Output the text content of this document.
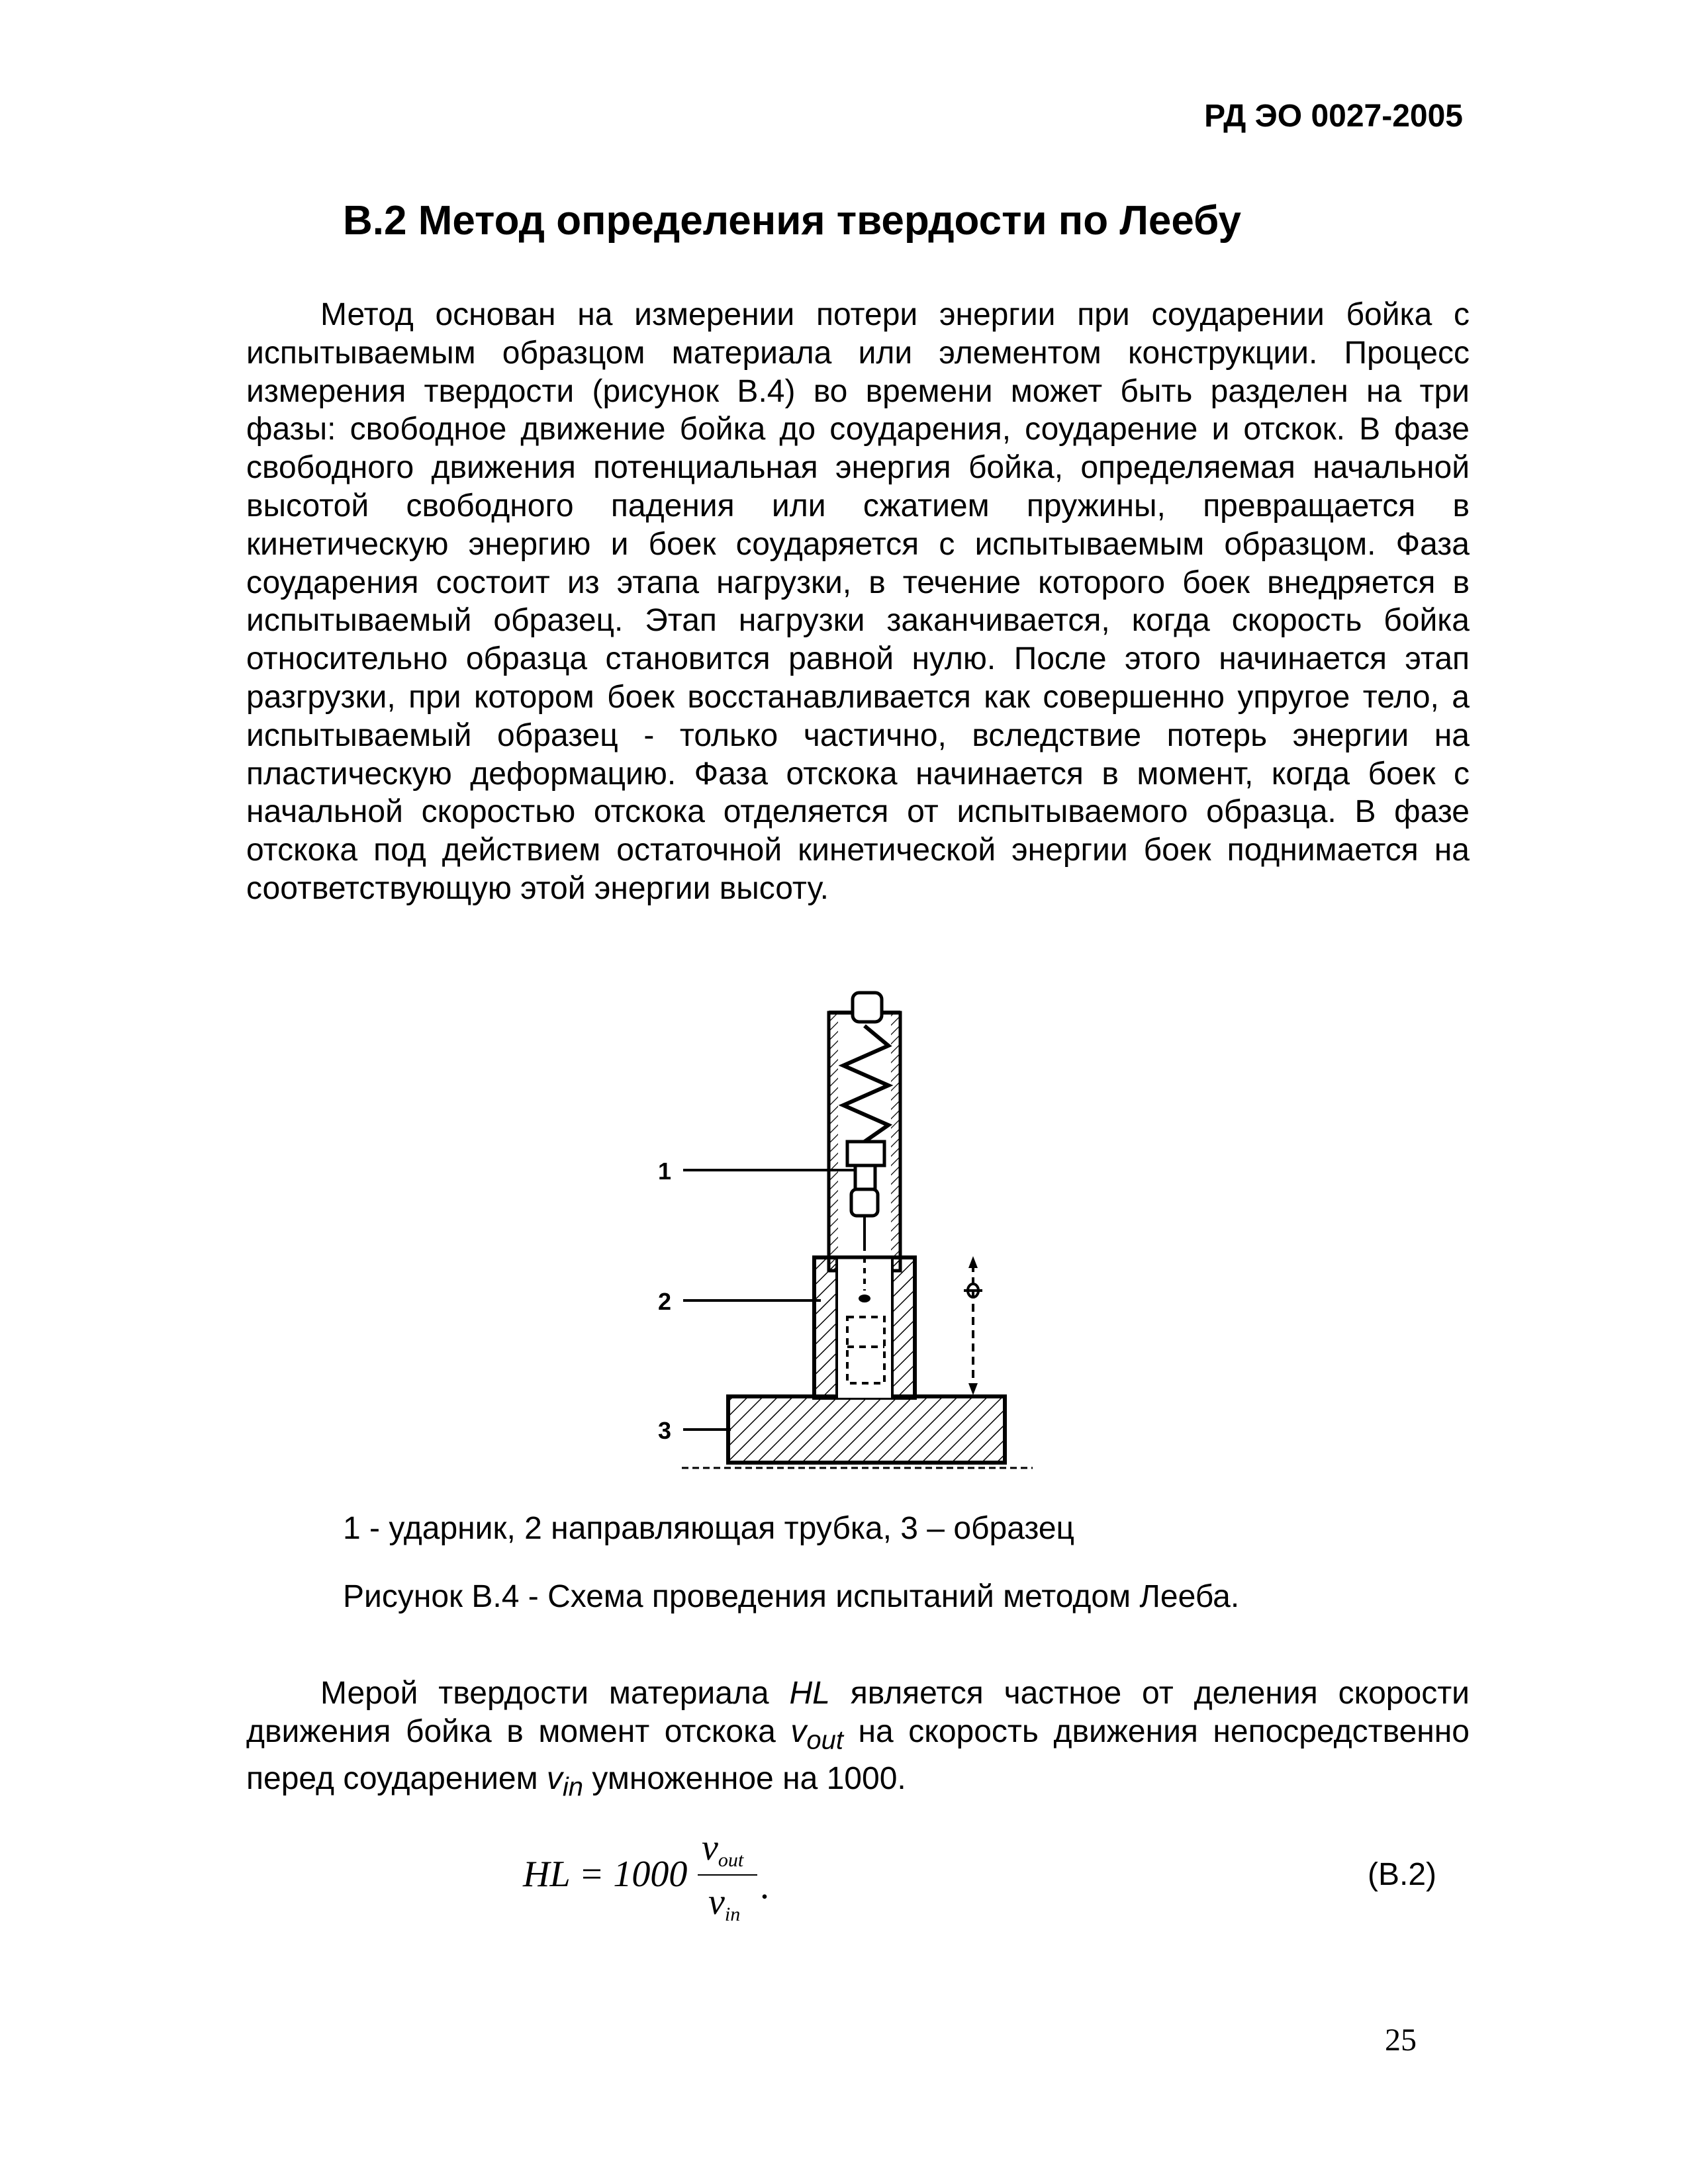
РД ЭО 0027-2005
В.2 Метод определения твердости по Леебу

Метод основан на измерении потери энергии при соударении бойка с испытываемым образцом материала или элементом конструкции. Процесс измерения твердости (рисунок В.4) во времени может быть разделен на три фазы: свободное движение бойка до соударения, соударение и отскок. В фазе свободного движения потенциальная энергия бойка, определяемая начальной высотой свободного падения или сжатием пружины, превращается в кинетическую энергию и боек соударяется с испытываемым образцом. Фаза соударения состоит из этапа нагрузки, в течение которого боек внедряется в испытываемый образец. Этап нагрузки заканчивается, когда скорость бойка относительно образца становится равной нулю. После этого начинается этап разгрузки, при котором боек восстанавливается как совершенно упругое тело, а испытываемый образец - только частично, вследствие потерь энергии на пластическую деформацию. Фаза отскока начинается в момент, когда боек с начальной скоростью отскока отделяется от испытываемого образца. В фазе отскока под действием остаточной кинетической энергии боек поднимается на соответствующую этой энергии высоту.

1
2
3
1 - ударник, 2 направляющая трубка, 3 – образец
Рисунок В.4 - Схема проведения испытаний методом Лееба.

Мерой твердости материала HL является частное от деления скорости движения бойка в момент отскока $v_{out}$ на скорость движения непосредственно перед соударением $v_{in}$ умноженное на 1000.

HL = 1000
$v_{out}$
$v_{in}$
.	(В.2)
25
